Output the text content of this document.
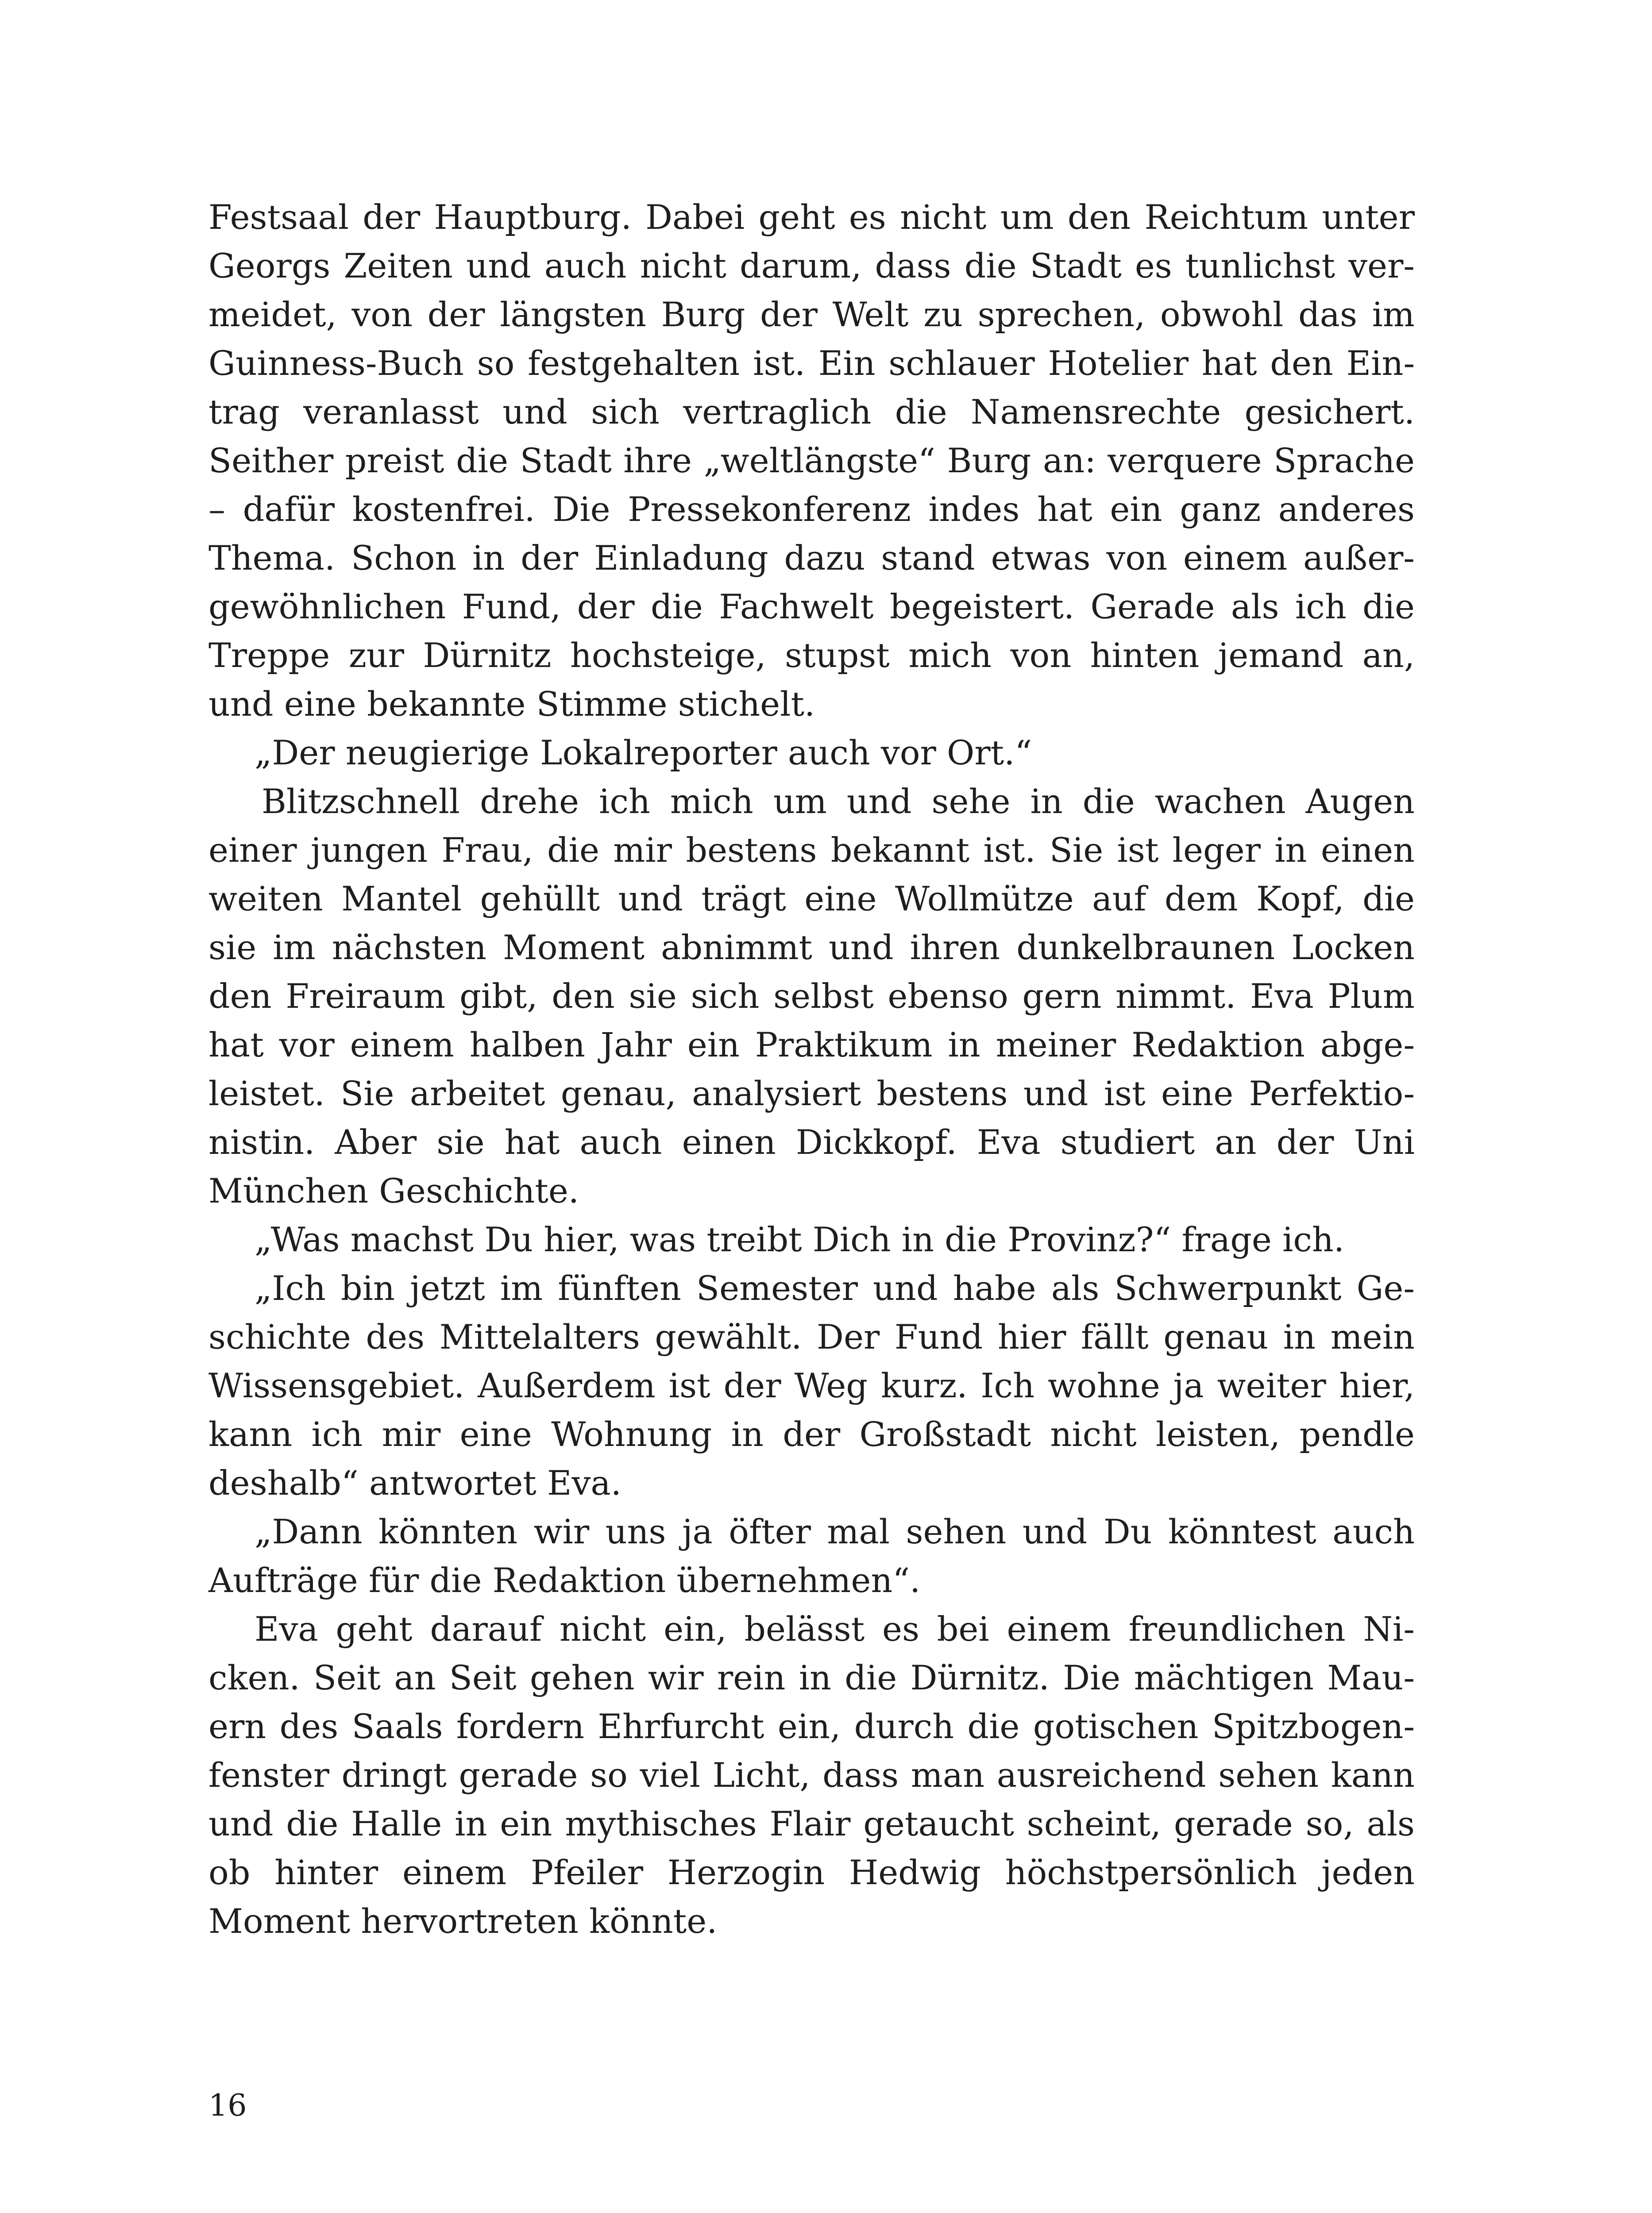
Festsaal der Hauptburg. Dabei geht es nicht um den Reichtum unter
Georgs Zeiten und auch nicht darum, dass die Stadt es tunlichst ver-
meidet, von der längsten Burg der Welt zu sprechen, obwohl das im
Guinness-Buch so festgehalten ist. Ein schlauer Hotelier hat den Ein-
trag veranlasst und sich vertraglich die Namensrechte gesichert.
Seither preist die Stadt ihre „weltlängste“ Burg an: verquere Sprache
– dafür kostenfrei. Die Pressekonferenz indes hat ein ganz anderes
Thema. Schon in der Einladung dazu stand etwas von einem außer-
gewöhnlichen Fund, der die Fachwelt begeistert. Gerade als ich die
Treppe zur Dürnitz hochsteige, stupst mich von hinten jemand an,
und eine bekannte Stimme stichelt.
„Der neugierige Lokalreporter auch vor Ort.“
Blitzschnell drehe ich mich um und sehe in die wachen Augen
einer jungen Frau, die mir bestens bekannt ist. Sie ist leger in einen
weiten Mantel gehüllt und trägt eine Wollmütze auf dem Kopf, die
sie im nächsten Moment abnimmt und ihren dunkelbraunen Locken
den Freiraum gibt, den sie sich selbst ebenso gern nimmt. Eva Plum
hat vor einem halben Jahr ein Praktikum in meiner Redaktion abge-
leistet. Sie arbeitet genau, analysiert bestens und ist eine Perfektio-
nistin. Aber sie hat auch einen Dickkopf. Eva studiert an der Uni
München Geschichte.
„Was machst Du hier, was treibt Dich in die Provinz?“ frage ich.
„Ich bin jetzt im fünften Semester und habe als Schwerpunkt Ge-
schichte des Mittelalters gewählt. Der Fund hier fällt genau in mein
Wissensgebiet. Außerdem ist der Weg kurz. Ich wohne ja weiter hier,
kann ich mir eine Wohnung in der Großstadt nicht leisten, pendle
deshalb“ antwortet Eva.
„Dann könnten wir uns ja öfter mal sehen und Du könntest auch
Aufträge für die Redaktion übernehmen“.
Eva geht darauf nicht ein, belässt es bei einem freundlichen Ni-
cken. Seit an Seit gehen wir rein in die Dürnitz. Die mächtigen Mau-
ern des Saals fordern Ehrfurcht ein, durch die gotischen Spitzbogen-
fenster dringt gerade so viel Licht, dass man ausreichend sehen kann
und die Halle in ein mythisches Flair getaucht scheint, gerade so, als
ob hinter einem Pfeiler Herzogin Hedwig höchstpersönlich jeden
Moment hervortreten könnte.
16
